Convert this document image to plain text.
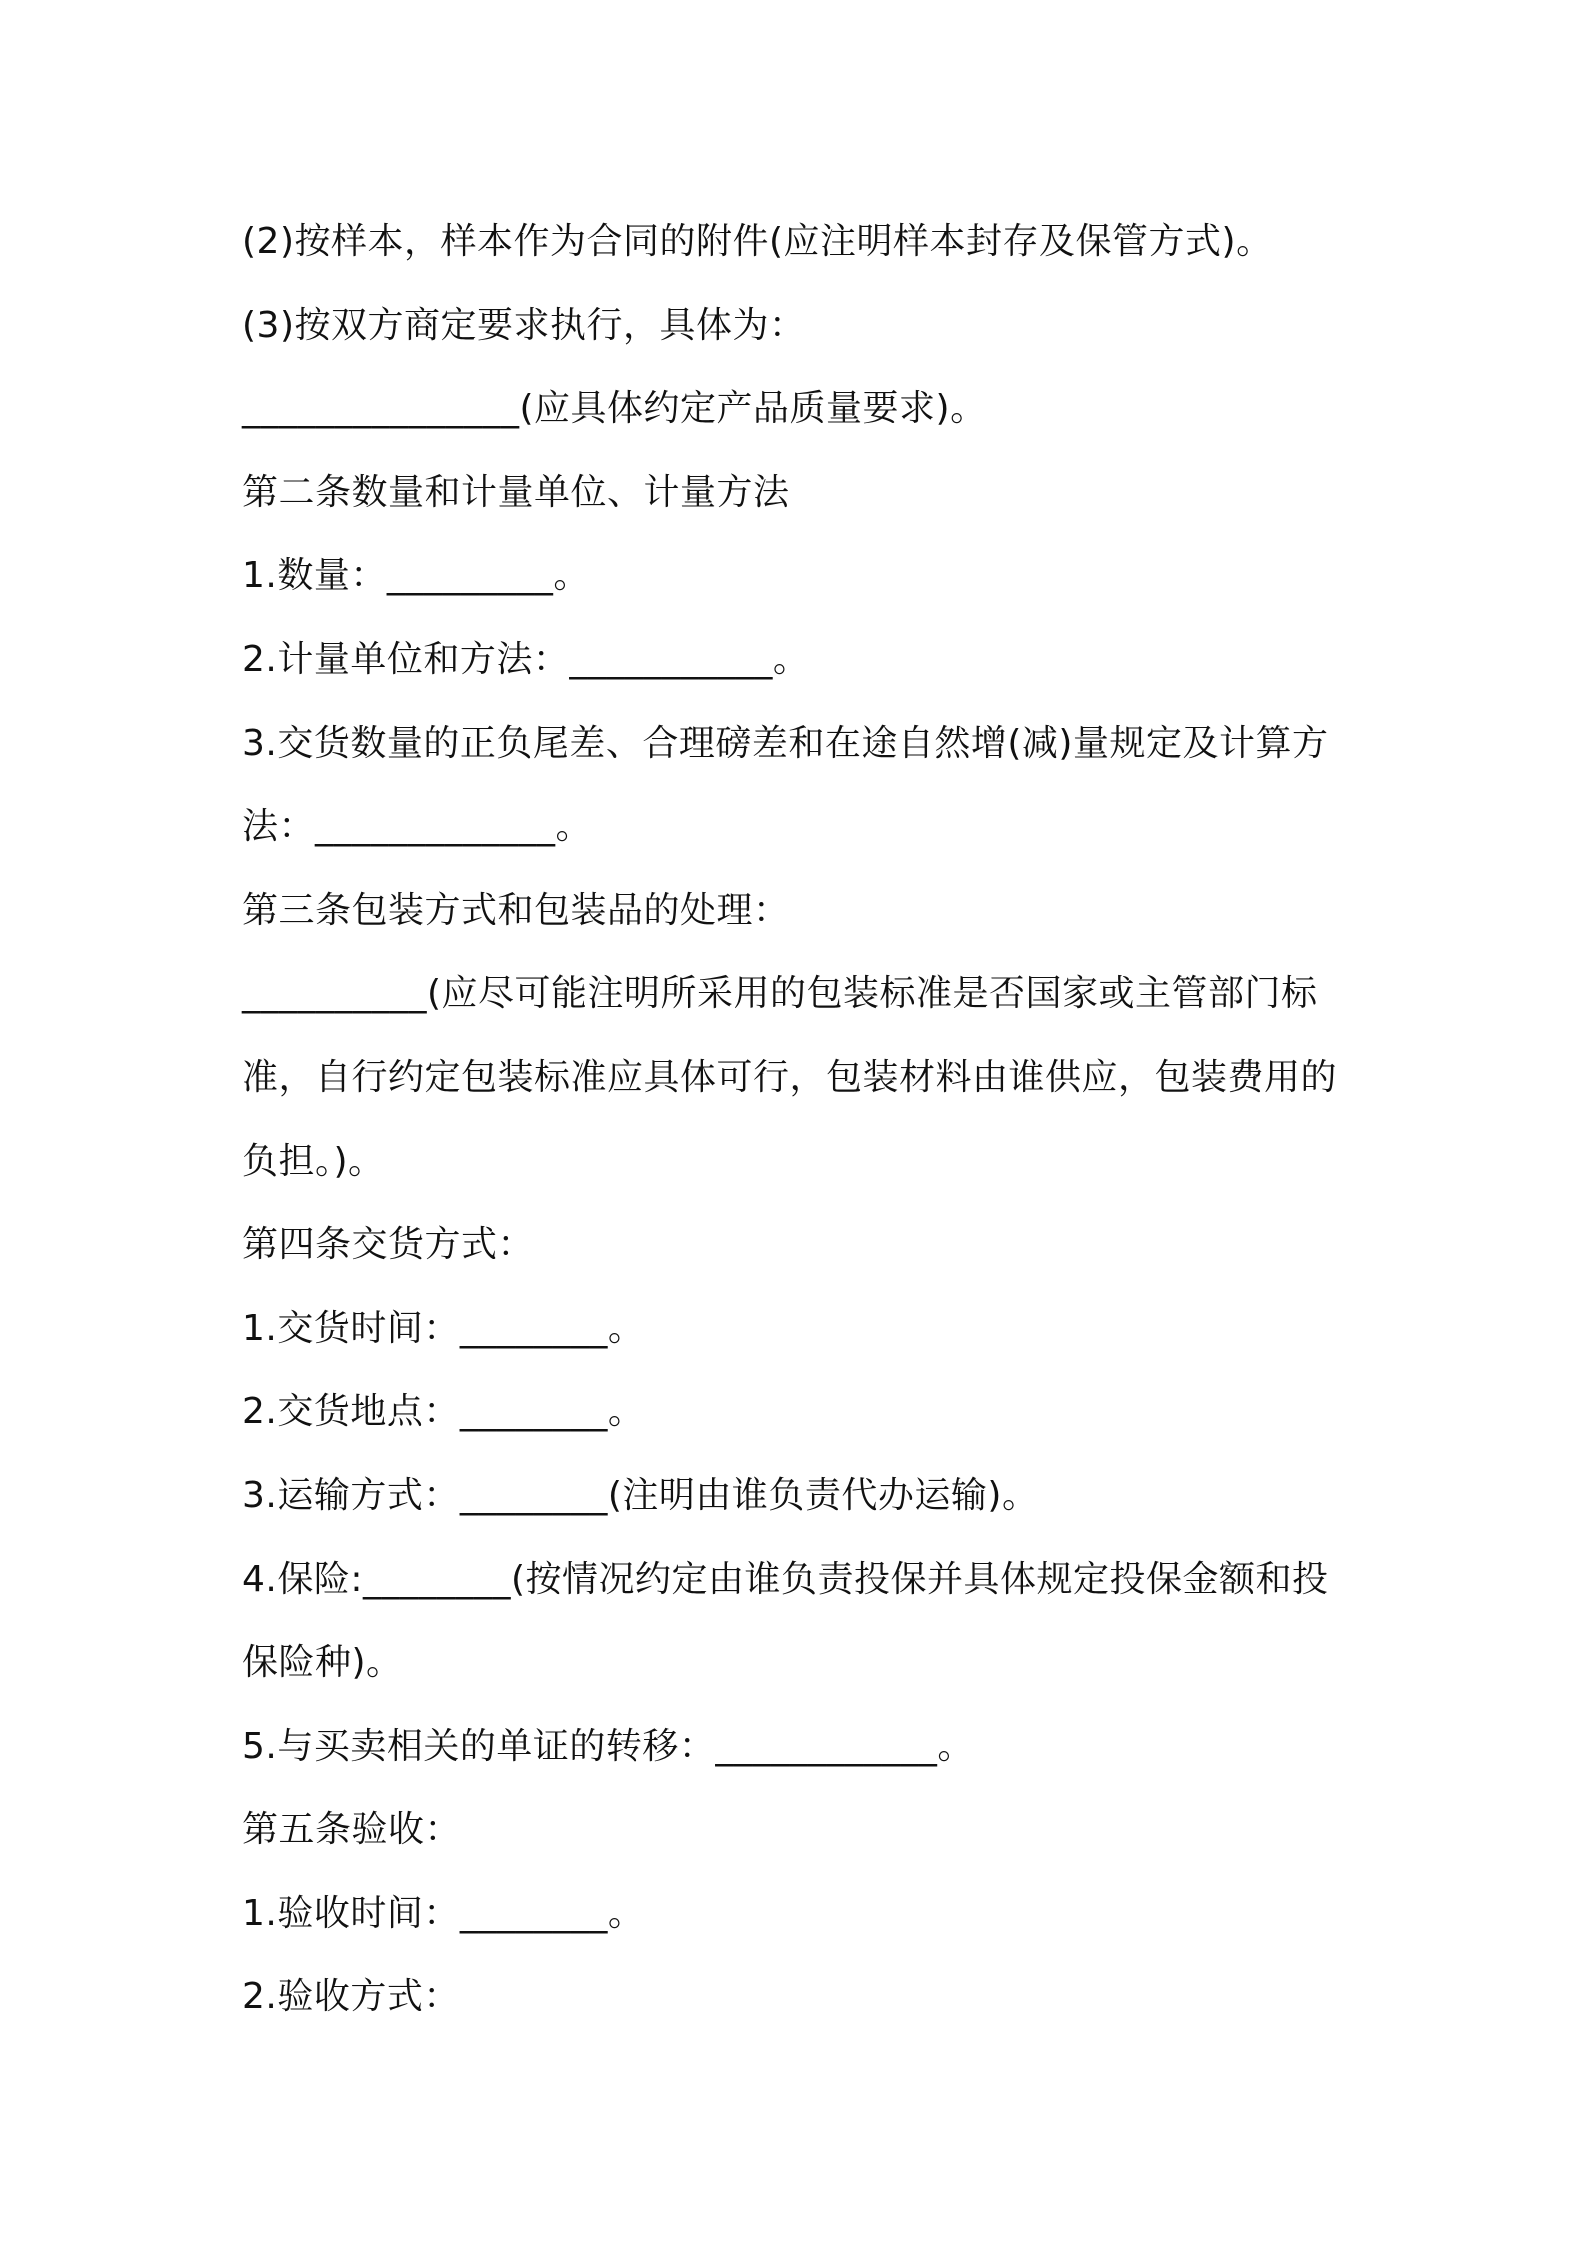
(2)按样本，样本作为合同的附件(应注明样本封存及保管方式)。
(3)按双方商定要求执行，具体为：
_______________(应具体约定产品质量要求)。
第二条数量和计量单位、计量方法
1.数量：_________。
2.计量单位和方法：___________。
3.交货数量的正负尾差、合理磅差和在途自然增(减)量规定及计算方
法：_____________。
第三条包装方式和包装品的处理：
__________(应尽可能注明所采用的包装标准是否国家或主管部门标
准，自行约定包装标准应具体可行，包装材料由谁供应，包装费用的
负担。)。
第四条交货方式：
1.交货时间：________。
2.交货地点：________。
3.运输方式：________(注明由谁负责代办运输)。
4.保险:________(按情况约定由谁负责投保并具体规定投保金额和投
保险种)。
5.与买卖相关的单证的转移：____________。
第五条验收：
1.验收时间：________。
2.验收方式：
